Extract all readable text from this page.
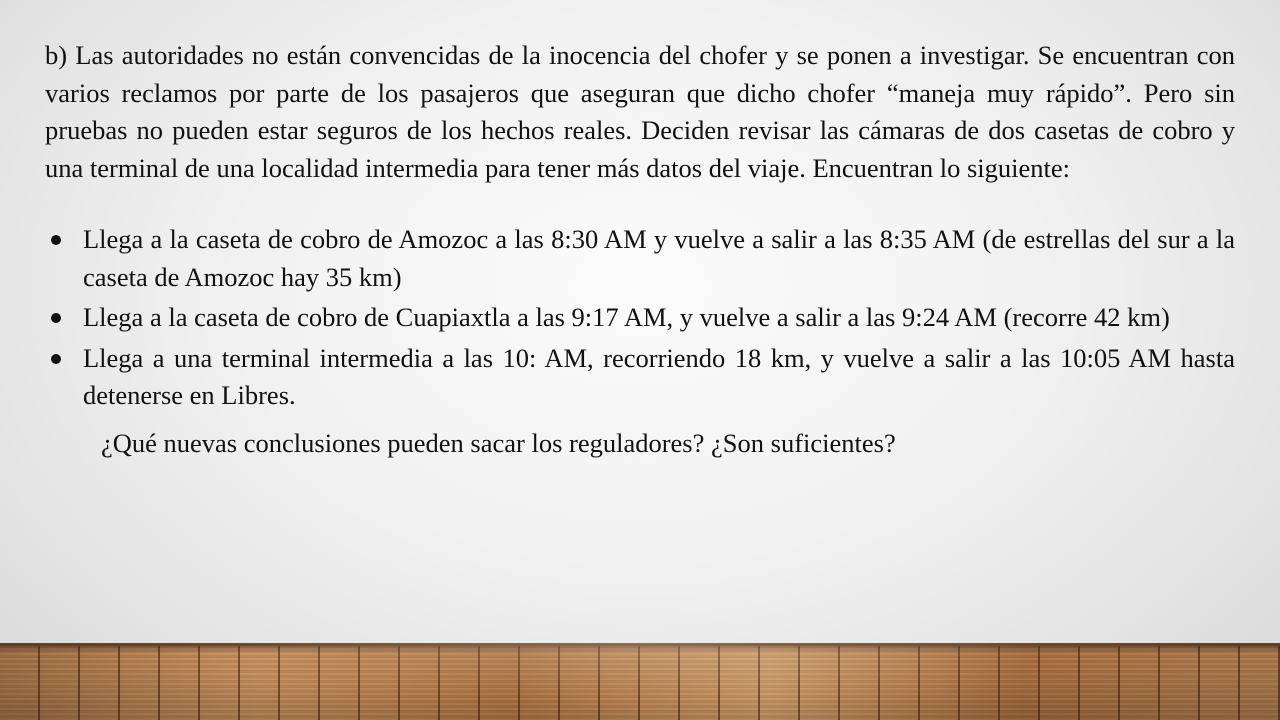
b) Las autoridades no están convencidas de la inocencia del chofer y se ponen a investigar. Se encuentran con varios reclamos por parte de los pasajeros que aseguran que dicho chofer “maneja muy rápido”. Pero sin pruebas no pueden estar seguros de los hechos reales. Deciden revisar las cámaras de dos casetas de cobro y una terminal de una localidad intermedia para tener más datos del viaje. Encuentran lo siguiente:

Llega a la caseta de cobro de Amozoc a las 8:30 AM y vuelve a salir a las 8:35 AM (de estrellas del sur a la caseta de Amozoc hay 35 km)
Llega a la caseta de cobro de Cuapiaxtla a las 9:17 AM, y vuelve a salir a las 9:24 AM (recorre 42 km)
Llega a una terminal intermedia a las 10: AM, recorriendo 18 km, y vuelve a salir a las 10:05 AM hasta detenerse en Libres.

¿Qué nuevas conclusiones pueden sacar los reguladores? ¿Son suficientes?
